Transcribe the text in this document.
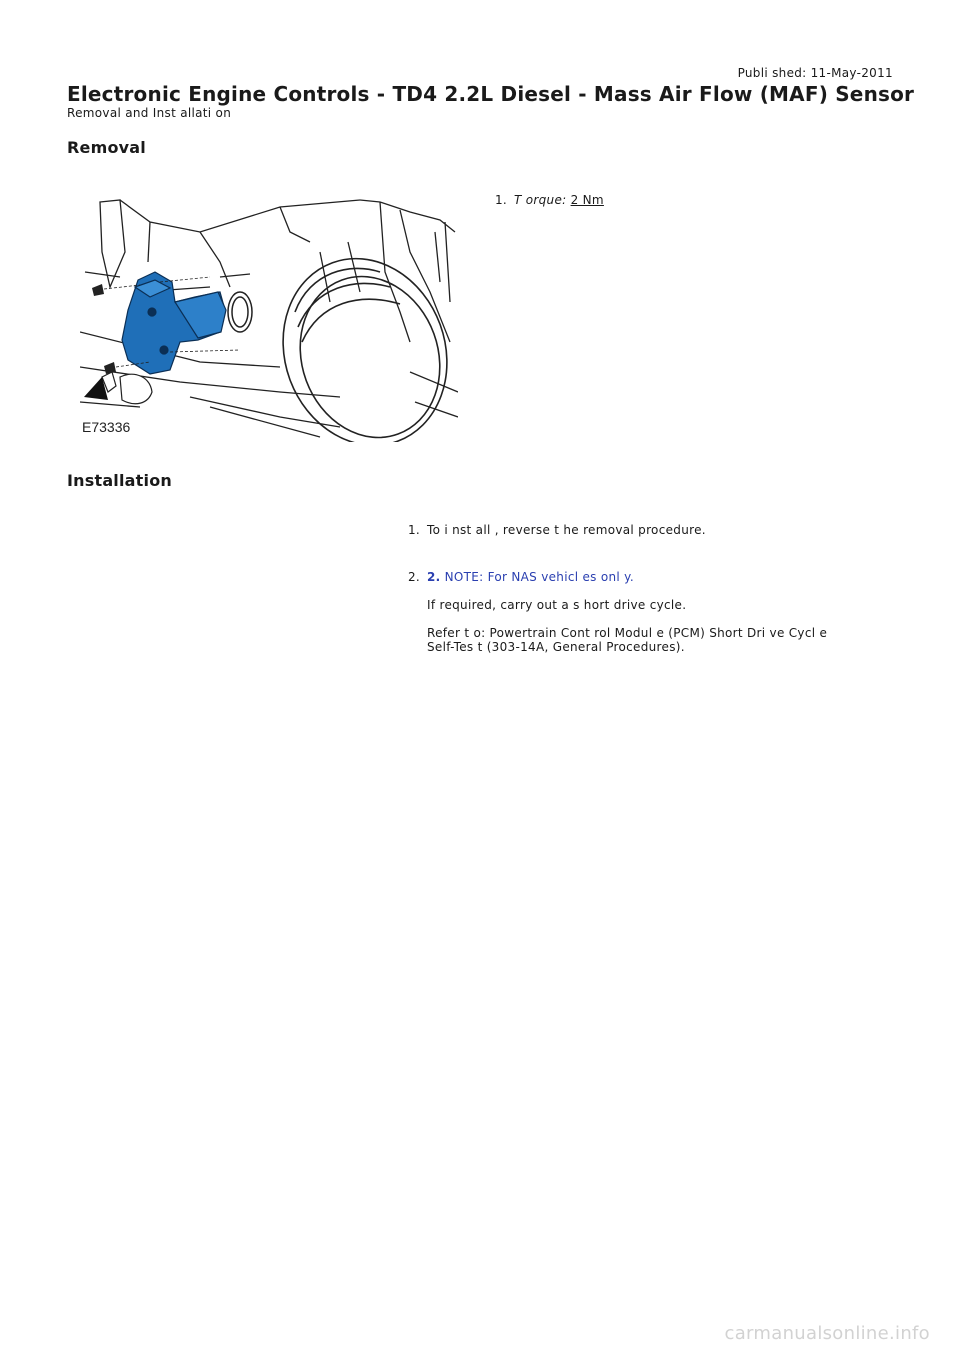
Publi shed: 11-May-2011
Electronic Engine Controls - TD4 2.2L Diesel - Mass Air Flow (MAF) Sensor
Removal and Inst allati on
Removal
E73336
1. T orque: 2 Nm
Installation
1. To i nst all , reverse t he removal procedure.
2. 2. NOTE: For NAS vehicl es onl y.

If required, carry out a s hort drive cycle.

Refer t o: Powertrain Cont rol Modul e (PCM) Short Dri ve Cycl e
Self-Tes t (303-14A, General Procedures).

carmanualsonline.info
